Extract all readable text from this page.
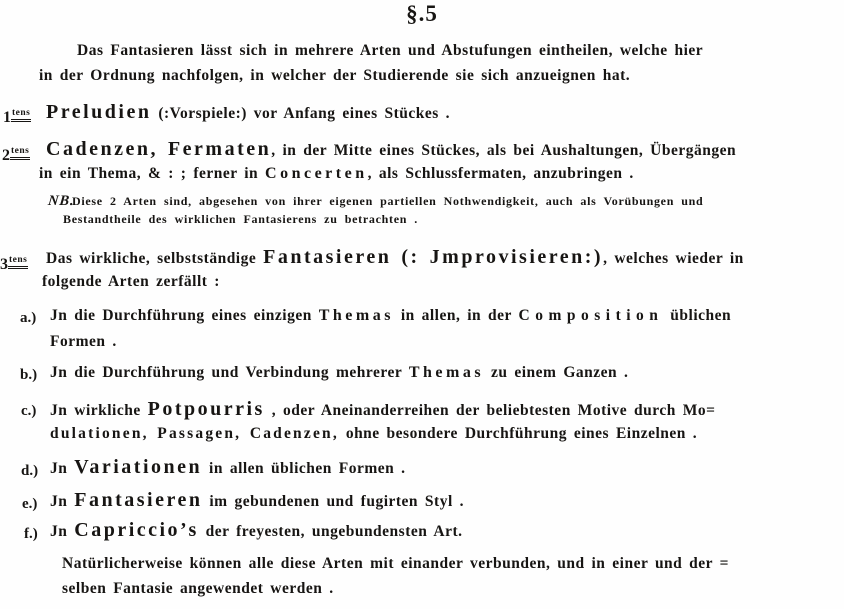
§.5
Das Fantasieren lässt sich in mehrere Arten und Abstufungen eintheilen, welche hier
in der Ordnung nachfolgen, in welcher der Studierende sie sich anzueignen hat.
$1^{tens}$ Preludien (:Vorspiele:) vor Anfang eines Stückes .
$2^{tens}$ Cadenzen, Fermaten, in der Mitte eines Stückes, als bei Aushaltungen, Übergängen
in ein Thema, & : ; ferner in Concerten, als Schlussfermaten, anzubringen .
NB.
Diese 2 Arten sind, abgesehen von ihrer eigenen partiellen Nothwendigkeit, auch als Vorübungen und
Bestandtheile des wirklichen Fantasierens zu betrachten .
$3^{tens}$ Das wirkliche, selbstständige Fantasieren (: Jmprovisieren:), welches wieder in
folgende Arten zerfällt :
a.) Jn die Durchführung eines einzigen Themas in allen, in der Composition üblichen
Formen .
b.) Jn die Durchführung und Verbindung mehrerer Themas zu einem Ganzen .
c.) Jn wirkliche Potpourris , oder Aneinanderreihen der beliebtesten Motive durch Mo=
dulationen, Passagen, Cadenzen, ohne besondere Durchführung eines Einzelnen .
d.) Jn Variationen in allen üblichen Formen .
e.) Jn Fantasieren im gebundenen und fugirten Styl .
f.) Jn Capriccio’s der freyesten, ungebundensten Art.
Natürlicherweise können alle diese Arten mit einander verbunden, und in einer und der =
selben Fantasie angewendet werden .
